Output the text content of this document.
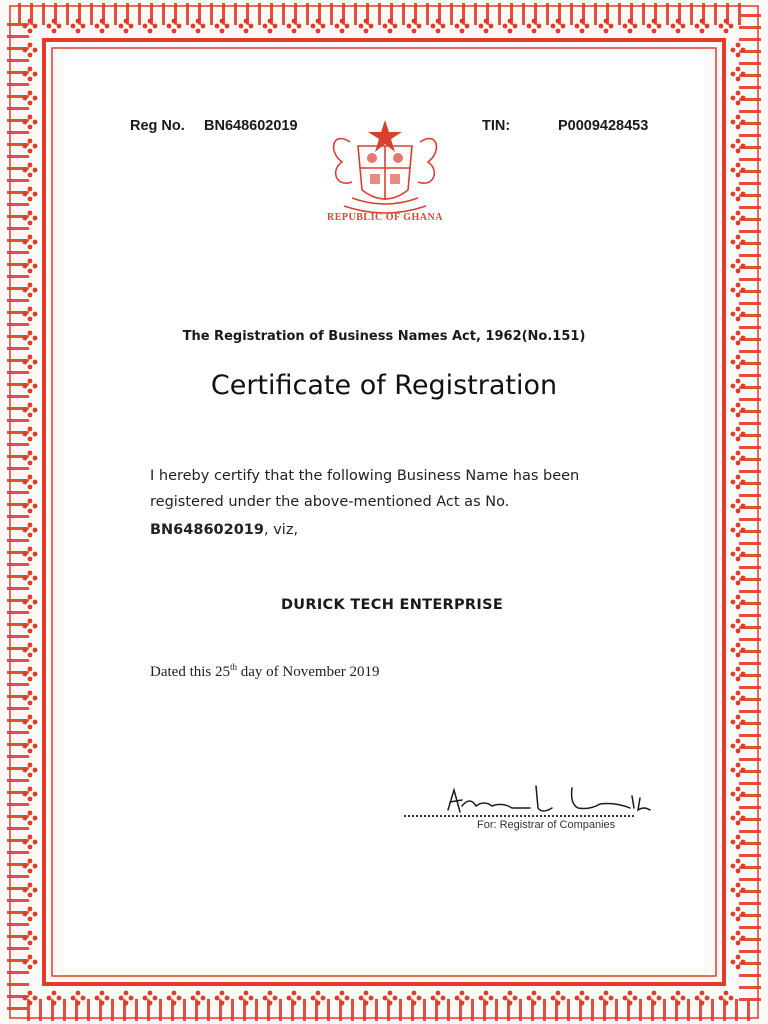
Reg No. BN648602019	TIN:	P0009428453
REPUBLIC OF GHANA
The Registration of Business Names Act, 1962(No.151)
Certificate of Registration
I hereby certify that the following Business Name has been
registered under the above-mentioned Act as No.
BN648602019, viz,
DURICK TECH ENTERPRISE
Dated this 25th day of November 2019
For: Registrar of Companies
